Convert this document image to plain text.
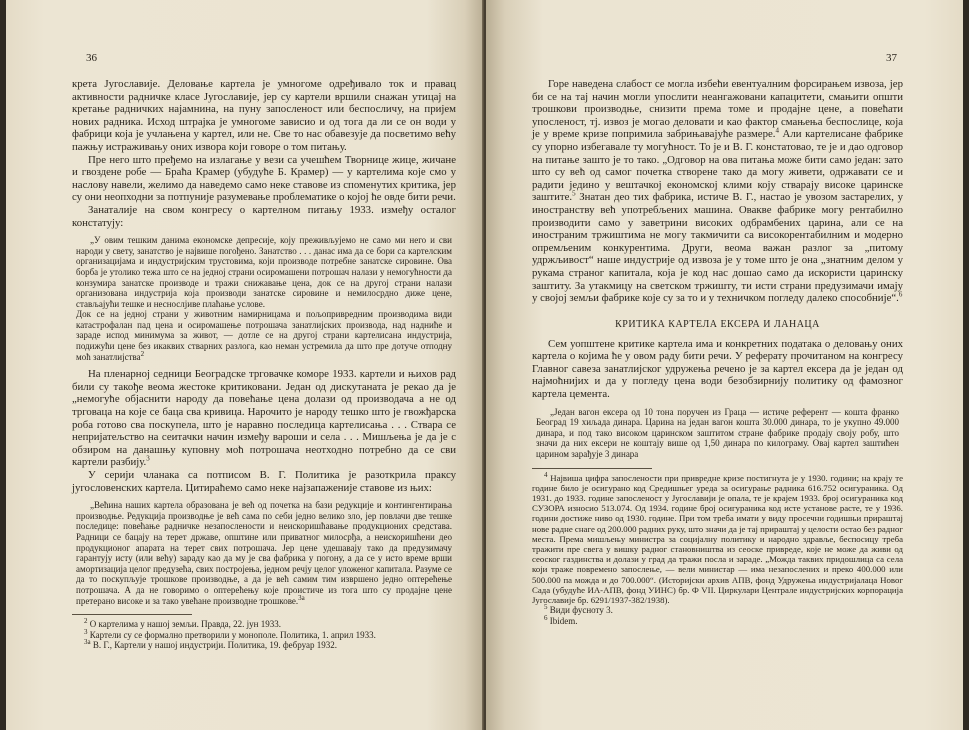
36

крета Југославије. Деловање картела је умногоме одређивало ток и правац активности радничке класе Југославије, јер су картели вршили снажан утицај на кретање радничких најамнина, на пуну запосленост или беспосличу, на пријем нових радника. Исход штрајка је умногоме зависио и од тога да ли се он води у фабрици која је учлањена у картел, или не. Све то нас обавезује да посветимо већу пажњу истраживању оних извора који говоре о том питању.

Пре него што пређемо на излагање у вези са учешћем Творнице жице, жичане и гвоздене робе — Браћа Крамер (убудуће Б. Крамер) — у картелима које смо у наслову навели, желимо да наведемо само неке ставове из споменутих критика, јер су они неопходни за потпуније разумевање проблематике о којој ће овде бити речи.

Занаталије на свом конгресу о картелном питању 1933. између осталог констатују:

„У овим тешким данима економске депресије, коју преживљујемо не само ми него и сви народи у свету, занатство је највише погођено. Занатство . . . данас има да се бори са картелским организацијама и индустријским трустовима, који производе потребне занатске сировине. Ова борба је утолико тежа што се на једној страни осиромашени потрошач налази у немогућности да конзумира занатске производе и тражи снижавање цена, док се на другој страни налази организована индустрија која производи занатске сировине и немилосрдно диже цене, стављајући тешке и неснослјиве плаћање услове.
Док се на једној страни у животним намирницама и пољопривредним производима види катастрофалан пад цена и осиромашење потрошача занатлијских производа, над надниће и зараде испод минимума за живот, — дотле се на другој страни картелисана индустрија, подижући цене без икаквих стварних разлога, као неман устремила да што пре дотуче отподну моћ занатлиjства$^2$

На пленарној седници Београдске трговачке коморе 1933. картели и њихов рад били су такође веома жестоке критиковани. Један од дискутаната је рекао да је „немогуће објаснити народу да повећање цена долази од производача а не од трговаца на које се баца сва кривица. Нарочито је народу тешко што је гвожђарска роба готово сва поскупела, што је наравно последица картелисања . . . Ствара се непријатељство на сеитачки начин између вароши и села . . . Мишљења је да је с обзиром на данашњу куповну моћ потрошача неотходно потребно да се сви картели разбију.$^3$

У серији чланака са потписом В. Г. Политика је разоткрила праксу југословенских картела. Цитираћемо само неке најзапаженије ставове из њих:

„Већина наших картела образована је већ од почетка на бази редукције и контингентирања производње. Редукција производње је већ сама по себи једно велико зло, јер повлачи две тешке последице: повећање радничке незапослености и неискоришћавање продукционих средстава. Радници се бацају на терет државе, општине или приватног милосрђа, а неискоришћени део продукционог апарата на терет свих потрошача. Јер цене удешавају тако да предузимачу гарантују исту (или већу) зараду као да му је сва фабрика у погону, а да се у исто време врши амортизација целог предузећа, свих постројења, једном речју целог уложеног капитала. Разуме се да то поскупљује трошкове производње, а да је већ самим тим извршено једно оптерећење потрошача. А да не говоримо о оптерећењу које проистиче из тога што су продајне цене претерано високе и за тако увећане производне трошкове.$^{3а}$

$^2$ О картелима у нашој земљи. Правда, 22. јун 1933.

$^3$ Картели су се формално претворили у монополе. Политика, 1. април 1933.

$^{3а}$ В. Г., Картели у нашој индустрији. Политика, 19. фебруар 1932.

37

Горе наведена слабост се могла избећи евентуалним форсирањем извоза, јер би се на тај начин могли упослити неангажовани капацитети, смањити општи трошкови производње, снизити према томе и продајне цене, а повећати упосленост, тј. извоз је могао деловати и као фактор смањења беспослице, која је у време кризе попримила забрињавајуће размере.$^4$ Али картелисане фабрике су упорно избегавале ту могућност. То је и В. Г. констатовао, те је и дао одговор на питање зашто је то тако. „Одговор на ова питања може бити само један: зато што су већ од самог почетка створене тако да могу живети, одржавати се и радити једино у вештачкој економској клими коју стварају високе царинске заштите.$^5$ Знатан део тих фабрика, истиче В. Г., настао је увозом застарелих, у иностранству већ употребљених машина. Овакве фабрике могу рентабилно производити само у заветрини високих одбрамбених царина, али се на иностраним тржиштима не могу такмичити са високорентабилним и модерно опремљеним конкурентима. Други, веома важан разлог за „питому удржљивост“ наше индустрије од извоза је у томе што је она „знатним делом у рукама страног капитала, која је код нас дошао само да искористи царинску заштиту. За утакмицу на светском тржишту, ти исти страни предузимачи имају у својој земљи фабрике које су за то и у техничком погледу далеко способније“.$^6$

КРИТИКА КАРТЕЛА ЕКСЕРА И ЛАНАЦА

Сем уопштене критике картела има и конкретних података о деловању оних картела о којима ће у овом раду бити речи. У реферату прочитаном на конгресу Главног савеза занатлијског удружења речено је за картел ексера да је један од најмоћнијих и да у погледу цена води безобзирнију политику од фамозног картела цемента.

„Један вагон ексера од 10 тона поручен из Граца — истиче референт — кошта франко Београд 19 хиљада динара. Царина на један вагон кошта 30.000 динара, то је укупно 49.000 динара, и под тако високом царинском заштитом стране фабрике продају своју робу, што значи да них ексери не коштају више од 1,50 динара по килограму. Овај картел заштићен царином зарађује 3 динара

$^4$ Највиша цифра запослености при привредне кризе постигнута је у 1930. години; на крају те године било је осигурано код Средишњег уреда за осигурање радника 616.752 осигураника. Од 1931. до 1933. године запосленост у Југославији је опала, те је крајем 1933. броj осигураника код СУЗОРА износио 513.074. Од 1934. године број осигураника код исте установе расте, те у 1936. години достиже ниво од 1930. године. При том треба имати у виду просечни годишњи прираштај нове радне снаге од 200.000 радних руку, што значи да је тај прираштај у целости остао без радног места. Према мишљењу министра за социјалну политику и народно здравље, беспосицу треба тражити пре свега у вишку радног становништва из сеоске привреде, које не може да живи од сеоског газдинства и долази у град да тражи посла и зараде. „Можда таквих придошлица са села који траже повремено запослење, — вели министар — има незапослених и преко 400.000 или 500.000 па можда и до 700.000“. (Историјски архив АПВ, фонд Удружења индустријалаца Новог Сада (убудуће ИА-АПВ, фонд УИНС) бр. Ф VII. Циркулари Централе индустријских корпорација Југославије бр. 6291/1937-382/1938).

$^5$ Види фусноту 3.

$^6$ Ibidem.
